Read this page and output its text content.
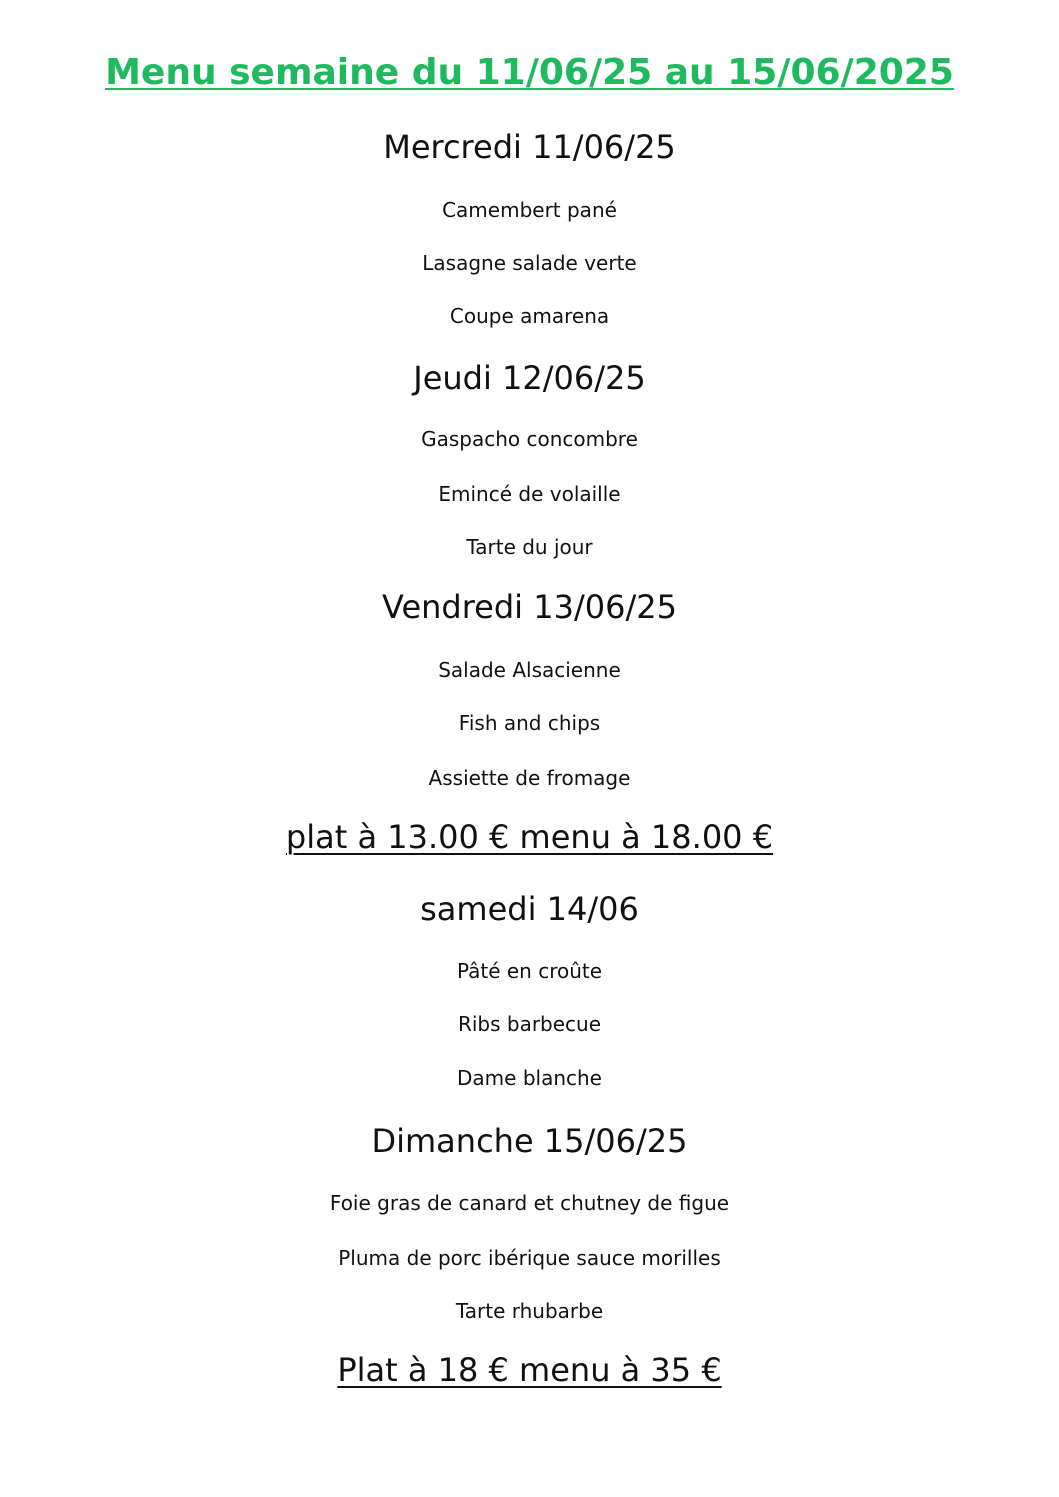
Menu semaine du 11/06/25 au 15/06/2025
Mercredi 11/06/25
Camembert pané
Lasagne salade verte
Coupe amarena
Jeudi 12/06/25
Gaspacho concombre
Emincé de volaille
Tarte du jour
Vendredi 13/06/25
Salade Alsacienne
Fish and chips
Assiette de fromage
plat à 13.00 € menu à 18.00 €
samedi 14/06
Pâté en croûte
Ribs barbecue
Dame blanche
Dimanche 15/06/25
Foie gras de canard et chutney de figue
Pluma de porc ibérique sauce morilles
Tarte rhubarbe
Plat à 18 € menu à 35 €
